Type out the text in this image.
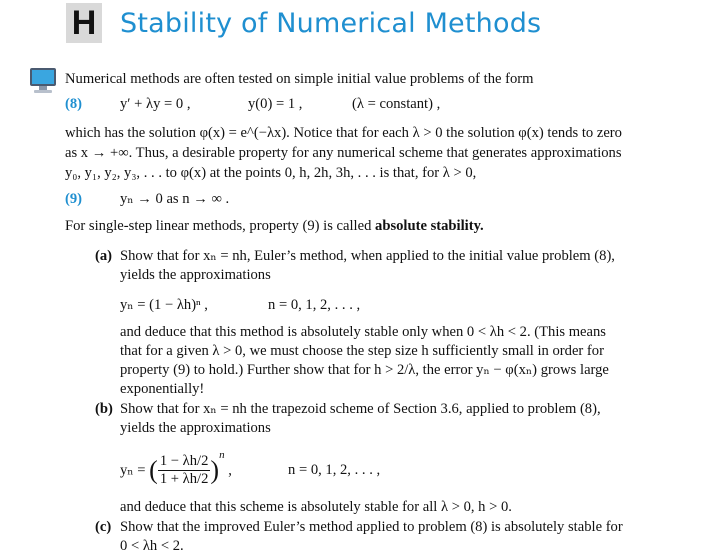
H Stability of Numerical Methods
Numerical methods are often tested on simple initial value problems of the form
(8)	y′ + λy = 0 ,	y(0) = 1 ,	(λ = constant) ,
which has the solution φ(x) = e^(−λx). Notice that for each λ > 0 the solution φ(x) tends to zero
as x → +∞. Thus, a desirable property for any numerical scheme that generates approximations
y₀, y₁, y₂, y₃, . . . to φ(x) at the points 0, h, 2h, 3h, . . . is that, for λ > 0,
(9)	yₙ → 0 as n → ∞ .
For single-step linear methods, property (9) is called absolute stability.
(a) Show that for xₙ = nh, Euler’s method, when applied to the initial value problem (8),
yields the approximations
yₙ = (1 − λh)ⁿ ,	n = 0, 1, 2, . . . ,
and deduce that this method is absolutely stable only when 0 < λh < 2. (This means
that for a given λ > 0, we must choose the step size h sufficiently small in order for
property (9) to hold.) Further show that for h > 2/λ, the error yₙ − φ(xₙ) grows large
exponentially!
(b) Show that for xₙ = nh the trapezoid scheme of Section 3.6, applied to problem (8),
yields the approximations
yₙ = ( $\frac{1 - \lambda h/2}{1 + \lambda h/2} )^n$ ,	n = 0, 1, 2, . . . ,
and deduce that this scheme is absolutely stable for all λ > 0, h > 0.
(c) Show that the improved Euler’s method applied to problem (8) is absolutely stable for
0 < λh < 2.
